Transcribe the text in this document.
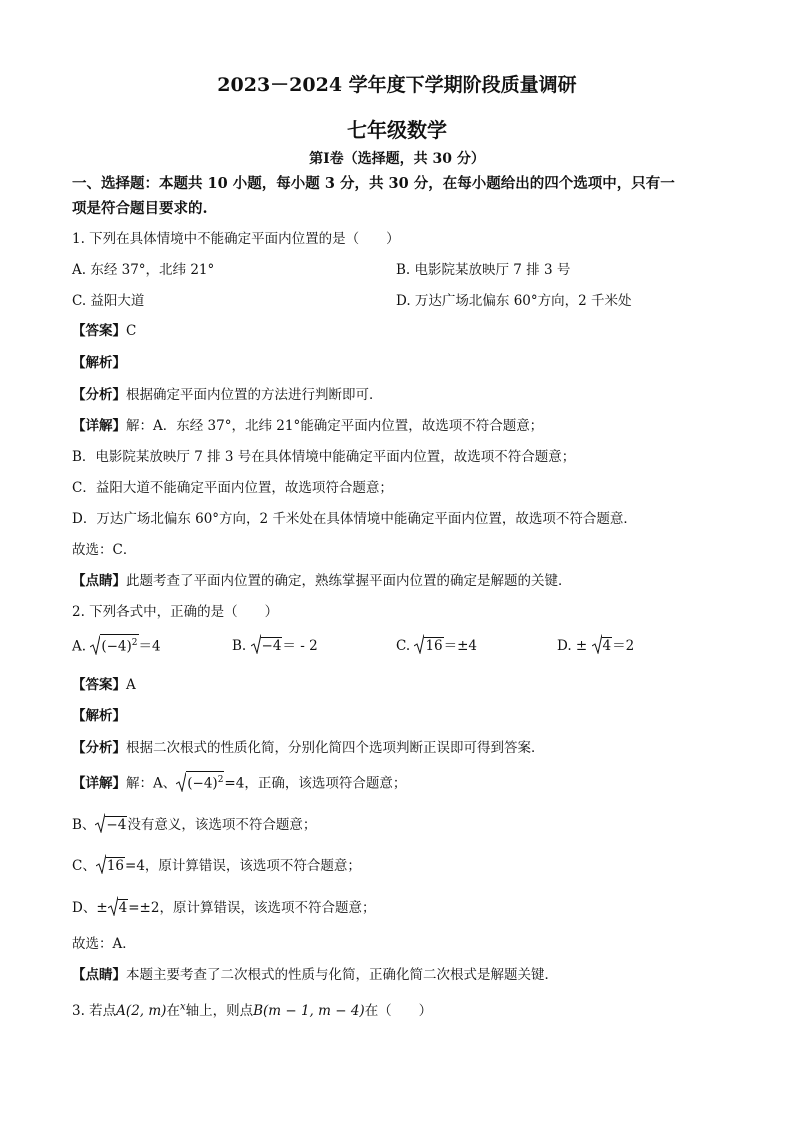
2023－2024 学年度下学期阶段质量调研
七年级数学
第Ⅰ卷（选择题，共 30 分）
一、选择题：本题共 10 小题，每小题 3 分，共 30 分，在每小题给出的四个选项中，只有一
项是符合题目要求的.
1. 下列在具体情境中不能确定平面内位置的是（　　）
A. 东经 37°，北纬 21°	B. 电影院某放映厅 7 排 3 号
C. 益阳大道	D. 万达广场北偏东 60°方向，2 千米处
【答案】C
【解析】
【分析】根据确定平面内位置的方法进行判断即可．
【详解】解：A．东经 37°，北纬 21°能确定平面内位置，故选项不符合题意；
B．电影院某放映厅 7 排 3 号在具体情境中能确定平面内位置，故选项不符合题意；
C．益阳大道不能确定平面内位置，故选项符合题意；
D．万达广场北偏东 60°方向，2 千米处在具体情境中能确定平面内位置，故选项不符合题意．
故选：C．
【点睛】此题考查了平面内位置的确定，熟练掌握平面内位置的确定是解题的关键．
2. 下列各式中，正确的是（　　）
A. $(-4)^2 =4$	B. −4 ＝ - 2	C. 16 ＝±4	D. ± 4 ＝2
【答案】A
【解析】
【分析】根据二次根式的性质化简，分别化简四个选项判断正误即可得到答案．
【详解】解：A、 $(-4)^2 =4$，正确，该选项符合题意；
B、 −4 没有意义，该选项不符合题意；
C、 16 =4，原计算错误，该选项不符合题意；
D、± 4 =±2，原计算错误，该选项不符合题意；
故选：A．
【点睛】本题主要考查了二次根式的性质与化简，正确化简二次根式是解题关键．
3. 若点A(2, m)在$^x$轴上，则点B(m − 1, m − 4)在（　　）
